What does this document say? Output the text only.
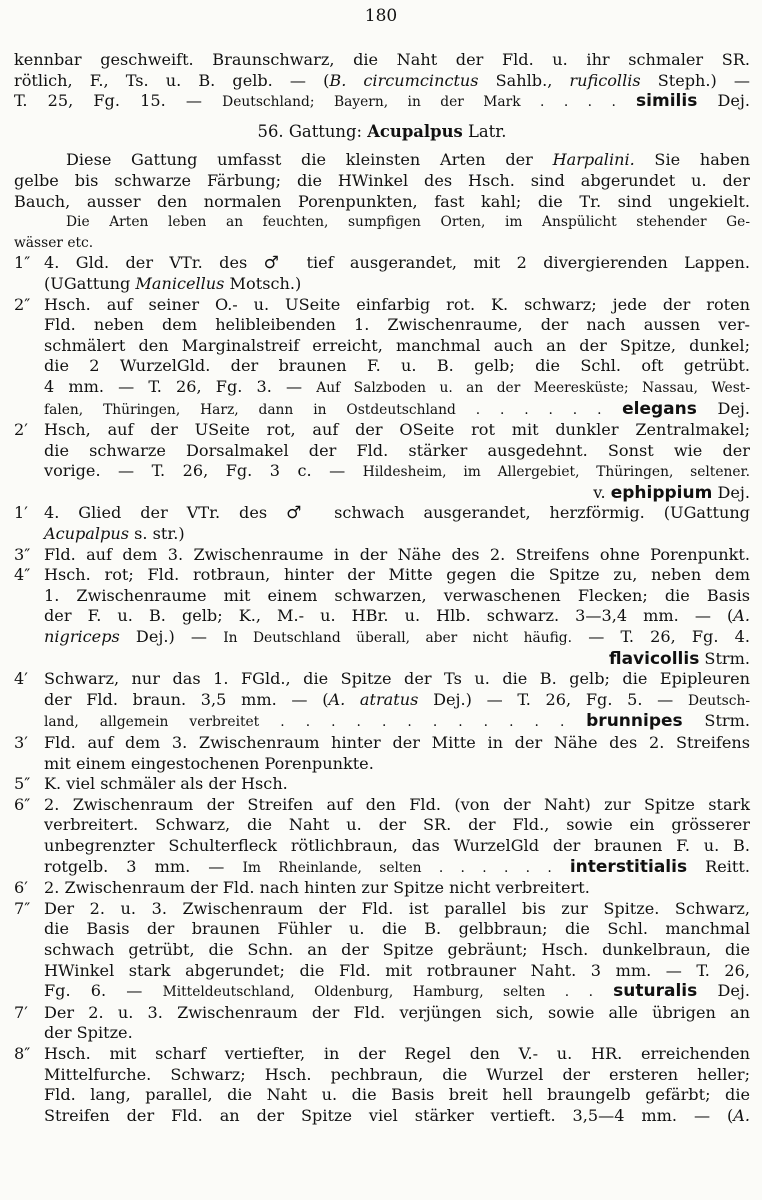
180
kennbar geschweift. Braunschwarz, die Naht der Fld. u. ihr schmaler SR.
rötlich, F., Ts. u. B. gelb. — (B. circumcinctus Sahlb., ruficollis Steph.) —
T. 25, Fg. 15. — Deutschland; Bayern, in der Mark . . . . similis Dej.
56. Gattung: Acupalpus Latr.
Diese Gattung umfasst die kleinsten Arten der Harpalini. Sie haben
gelbe bis schwarze Färbung; die HWinkel des Hsch. sind abgerundet u. der
Bauch, ausser den normalen Porenpunkten, fast kahl; die Tr. sind ungekielt.
Die Arten leben an feuchten, sumpfigen Orten, im Anspülicht stehender Ge-
wässer etc.
1″ 4. Gld. der VTr. des ♂ tief ausgerandet, mit 2 divergierenden Lappen.
(UGattung Manicellus Motsch.)
2″ Hsch. auf seiner O.- u. USeite einfarbig rot. K. schwarz; jede der roten
Fld. neben dem helibleibenden 1. Zwischenraume, der nach aussen ver-
schmälert den Marginalstreif erreicht, manchmal auch an der Spitze, dunkel;
die 2 WurzelGld. der braunen F. u. B. gelb; die Schl. oft getrübt.
4 mm. — T. 26, Fg. 3. — Auf Salzboden u. an der Meeresküste; Nassau, West-
falen, Thüringen, Harz, dann in Ostdeutschland . . . . . . elegans Dej.
2′ Hsch, auf der USeite rot, auf der OSeite rot mit dunkler Zentralmakel;
die schwarze Dorsalmakel der Fld. stärker ausgedehnt. Sonst wie der
vorige. — T. 26, Fg. 3 c. — Hildesheim, im Allergebiet, Thüringen, seltener.
v. ephippium Dej.
1′ 4. Glied der VTr. des ♂ schwach ausgerandet, herzförmig. (UGattung
Acupalpus s. str.)
3″ Fld. auf dem 3. Zwischenraume in der Nähe des 2. Streifens ohne Porenpunkt.
4″ Hsch. rot; Fld. rotbraun, hinter der Mitte gegen die Spitze zu, neben dem
1. Zwischenraume mit einem schwarzen, verwaschenen Flecken; die Basis
der F. u. B. gelb; K., M.- u. HBr. u. Hlb. schwarz. 3—3,4 mm. — (A.
nigriceps Dej.) — In Deutschland überall, aber nicht häufig. — T. 26, Fg. 4.
flavicollis Strm.
4′ Schwarz, nur das 1. FGld., die Spitze der Ts u. die B. gelb; die Epipleuren
der Fld. braun. 3,5 mm. — (A. atratus Dej.) — T. 26, Fg. 5. — Deutsch-
land, allgemein verbreitet . . . . . . . . . . . . brunnipes Strm.
3′ Fld. auf dem 3. Zwischenraum hinter der Mitte in der Nähe des 2. Streifens
mit einem eingestochenen Porenpunkte.
5″ K. viel schmäler als der Hsch.
6″ 2. Zwischenraum der Streifen auf den Fld. (von der Naht) zur Spitze stark
verbreitert. Schwarz, die Naht u. der SR. der Fld., sowie ein grösserer
unbegrenzter Schulterfleck rötlichbraun, das WurzelGld der braunen F. u. B.
rotgelb. 3 mm. — Im Rheinlande, selten . . . . . . interstitialis Reitt.
6′ 2. Zwischenraum der Fld. nach hinten zur Spitze nicht verbreitert.
7″ Der 2. u. 3. Zwischenraum der Fld. ist parallel bis zur Spitze. Schwarz,
die Basis der braunen Fühler u. die B. gelbbraun; die Schl. manchmal
schwach getrübt, die Schn. an der Spitze gebräunt; Hsch. dunkelbraun, die
HWinkel stark abgerundet; die Fld. mit rotbrauner Naht. 3 mm. — T. 26,
Fg. 6. — Mitteldeutschland, Oldenburg, Hamburg, selten . . suturalis Dej.
7′ Der 2. u. 3. Zwischenraum der Fld. verjüngen sich, sowie alle übrigen an
der Spitze.
8″ Hsch. mit scharf vertiefter, in der Regel den V.- u. HR. erreichenden
Mittelfurche. Schwarz; Hsch. pechbraun, die Wurzel der ersteren heller;
Fld. lang, parallel, die Naht u. die Basis breit hell braungelb gefärbt; die
Streifen der Fld. an der Spitze viel stärker vertieft. 3,5—4 mm. — (A.
